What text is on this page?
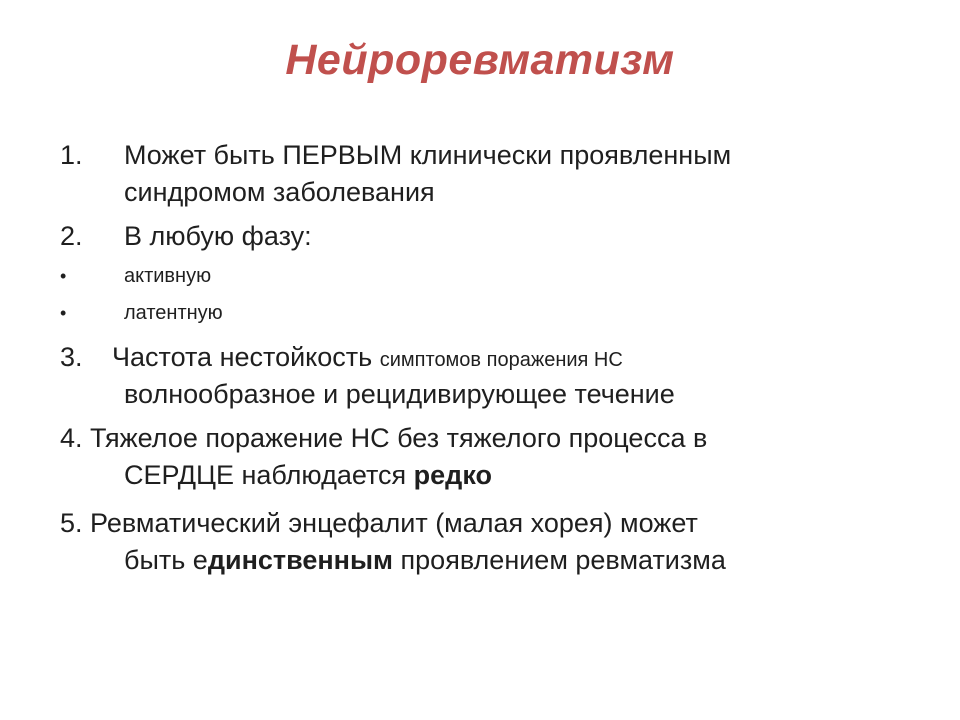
Нейроревматизм
1. Может быть ПЕРВЫМ клинически проявленным
синдромом заболевания
2. В любую фазу:
•	активную
•	латентную
3. Частота нестойкость симптомов поражения НС
волнообразное и рецидивирующее течение
4. Тяжелое поражение НС без тяжелого процесса в
СЕРДЦЕ наблюдается редко
5. Ревматический энцефалит (малая хорея) может
быть единственным проявлением ревматизма
